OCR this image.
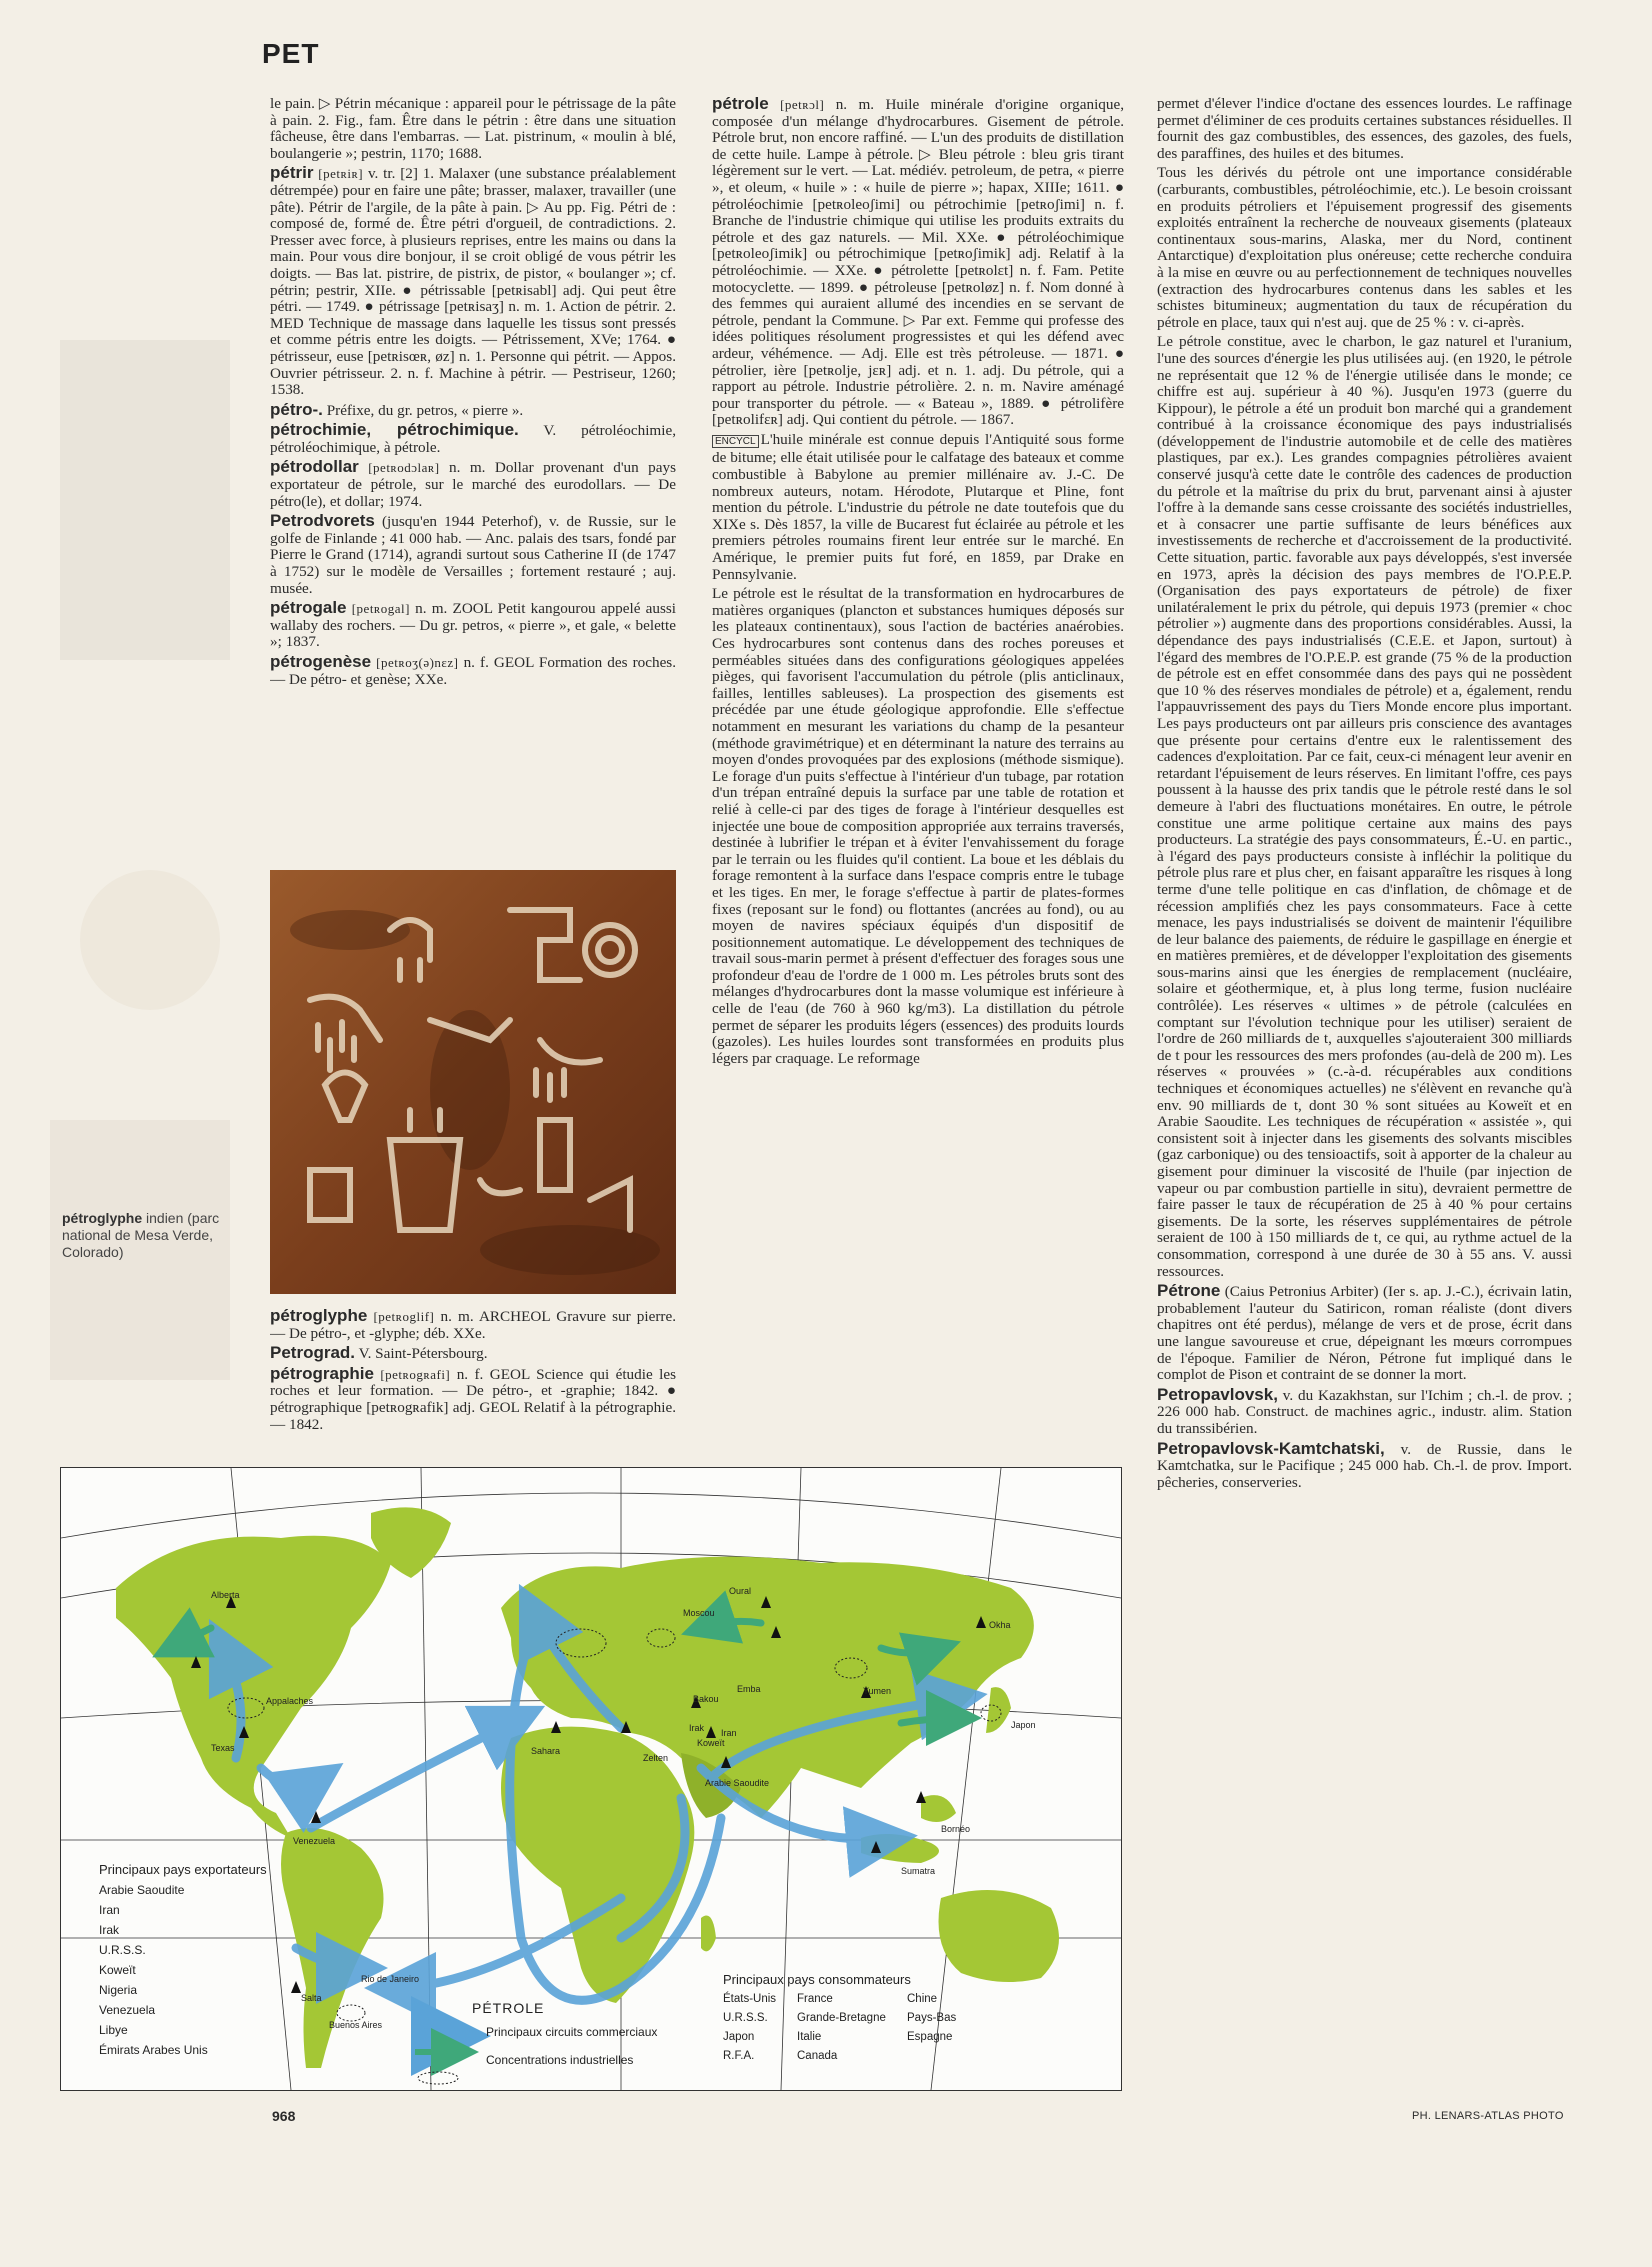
PET

le pain. ▷ Pétrin mécanique : appareil pour le pétrissage de la pâte à pain. 2. Fig., fam. Être dans le pétrin : être dans une situation fâcheuse, être dans l'embarras. — Lat. pistrinum, « moulin à blé, boulangerie »; pestrin, 1170; 1688.

pétrir [petʀiʀ] v. tr. [2] 1. Malaxer (une substance préalablement détrempée) pour en faire une pâte; brasser, malaxer, travailler (une pâte). Pétrir de l'argile, de la pâte à pain. ▷ Au pp. Fig. Pétri de : composé de, formé de. Être pétri d'orgueil, de contradictions. 2. Presser avec force, à plusieurs reprises, entre les mains ou dans la main. Pour vous dire bonjour, il se croit obligé de vous pétrir les doigts. — Bas lat. pistrire, de pistrix, de pistor, « boulanger »; cf. pétrin; pestrir, XIIe. ● pétrissable [petʀisabl] adj. Qui peut être pétri. — 1749. ● pétrissage [petʀisaʒ] n. m. 1. Action de pétrir. 2. MED Technique de massage dans laquelle les tissus sont pressés et comme pétris entre les doigts. — Pétrissement, XVe; 1764. ● pétrisseur, euse [petʀisœʀ, øz] n. 1. Personne qui pétrit. — Appos. Ouvrier pétrisseur. 2. n. f. Machine à pétrir. — Pestriseur, 1260; 1538.

pétro-. Préfixe, du gr. petros, « pierre ».

pétrochimie, pétrochimique. V. pétroléochimie, pétroléochimique, à pétrole.

pétrodollar [petʀodɔlaʀ] n. m. Dollar provenant d'un pays exportateur de pétrole, sur le marché des eurodollars. — De pétro(le), et dollar; 1974.

Petrodvorets (jusqu'en 1944 Peterhof), v. de Russie, sur le golfe de Finlande ; 41 000 hab. — Anc. palais des tsars, fondé par Pierre le Grand (1714), agrandi surtout sous Catherine II (de 1747 à 1752) sur le modèle de Versailles ; fortement restauré ; auj. musée.

pétrogale [petʀogal] n. m. ZOOL Petit kangourou appelé aussi wallaby des rochers. — Du gr. petros, « pierre », et gale, « belette »; 1837.

pétrogenèse [petʀoʒ(ə)nɛz] n. f. GEOL Formation des roches. — De pétro- et genèse; XXe.

pétroglyphe indien (parc national de Mesa Verde, Colorado)

pétroglyphe [petʀoglif] n. m. ARCHEOL Gravure sur pierre. — De pétro-, et -glyphe; déb. XXe.

Petrograd. V. Saint-Pétersbourg.

pétrographie [petʀogʀafi] n. f. GEOL Science qui étudie les roches et leur formation. — De pétro-, et -graphie; 1842. ● pétrographique [petʀogʀafik] adj. GEOL Relatif à la pétrographie. — 1842.

pétrole [petʀɔl] n. m. Huile minérale d'origine organique, composée d'un mélange d'hydrocarbures. Gisement de pétrole. Pétrole brut, non encore raffiné. — L'un des produits de distillation de cette huile. Lampe à pétrole. ▷ Bleu pétrole : bleu gris tirant légèrement sur le vert. — Lat. médiév. petroleum, de petra, « pierre », et oleum, « huile » : « huile de pierre »; hapax, XIIIe; 1611. ● pétroléochimie [petʀoleoʃimi] ou pétrochimie [petʀoʃimi] n. f. Branche de l'industrie chimique qui utilise les produits extraits du pétrole et des gaz naturels. — Mil. XXe. ● pétroléochimique [petʀoleoʃimik] ou pétrochimique [petʀoʃimik] adj. Relatif à la pétroléochimie. — XXe. ● pétrolette [petʀolɛt] n. f. Fam. Petite motocyclette. — 1899. ● pétroleuse [petʀoløz] n. f. Nom donné à des femmes qui auraient allumé des incendies en se servant de pétrole, pendant la Commune. ▷ Par ext. Femme qui professe des idées politiques résolument progressistes et qui les défend avec ardeur, véhémence. — Adj. Elle est très pétroleuse. — 1871. ● pétrolier, ière [petʀolje, jɛʀ] adj. et n. 1. adj. Du pétrole, qui a rapport au pétrole. Industrie pétrolière. 2. n. m. Navire aménagé pour transporter du pétrole. — « Bateau », 1889. ● pétrolifère [petʀolifɛʀ] adj. Qui contient du pétrole. — 1867.

ENCYCL L'huile minérale est connue depuis l'Antiquité sous forme de bitume; elle était utilisée pour le calfatage des bateaux et comme combustible à Babylone au premier millénaire av. J.-C. De nombreux auteurs, notam. Hérodote, Plutarque et Pline, font mention du pétrole. L'industrie du pétrole ne date toutefois que du XIXe s. Dès 1857, la ville de Bucarest fut éclairée au pétrole et les premiers pétroles roumains firent leur entrée sur le marché. En Amérique, le premier puits fut foré, en 1859, par Drake en Pennsylvanie.

Le pétrole est le résultat de la transformation en hydrocarbures de matières organiques (plancton et substances humiques déposés sur les plateaux continentaux), sous l'action de bactéries anaérobies. Ces hydrocarbures sont contenus dans des roches poreuses et perméables situées dans des configurations géologiques appelées pièges, qui favorisent l'accumulation du pétrole (plis anticlinaux, failles, lentilles sableuses). La prospection des gisements est précédée par une étude géologique approfondie. Elle s'effectue notamment en mesurant les variations du champ de la pesanteur (méthode gravimétrique) et en déterminant la nature des terrains au moyen d'ondes provoquées par des explosions (méthode sismique). Le forage d'un puits s'effectue à l'intérieur d'un tubage, par rotation d'un trépan entraîné depuis la surface par une table de rotation et relié à celle-ci par des tiges de forage à l'intérieur desquelles est injectée une boue de composition appropriée aux terrains traversés, destinée à lubrifier le trépan et à éviter l'envahissement du forage par le terrain ou les fluides qu'il contient. La boue et les déblais du forage remontent à la surface dans l'espace compris entre le tubage et les tiges. En mer, le forage s'effectue à partir de plates-formes fixes (reposant sur le fond) ou flottantes (ancrées au fond), ou au moyen de navires spéciaux équipés d'un dispositif de positionnement automatique. Le développement des techniques de travail sous-marin permet à présent d'effectuer des forages sous une profondeur d'eau de l'ordre de 1 000 m. Les pétroles bruts sont des mélanges d'hydrocarbures dont la masse volumique est inférieure à celle de l'eau (de 760 à 960 kg/m3). La distillation du pétrole permet de séparer les produits légers (essences) des produits lourds (gazoles). Les huiles lourdes sont transformées en produits plus légers par craquage. Le reformage

permet d'élever l'indice d'octane des essences lourdes. Le raffinage permet d'éliminer de ces produits certaines substances résiduelles. Il fournit des gaz combustibles, des essences, des gazoles, des fuels, des paraffines, des huiles et des bitumes.

Tous les dérivés du pétrole ont une importance considérable (carburants, combustibles, pétroléochimie, etc.). Le besoin croissant en produits pétroliers et l'épuisement progressif des gisements exploités entraînent la recherche de nouveaux gisements (plateaux continentaux sous-marins, Alaska, mer du Nord, continent Antarctique) d'exploitation plus onéreuse; cette recherche conduira à la mise en œuvre ou au perfectionnement de techniques nouvelles (extraction des hydrocarbures contenus dans les sables et les schistes bitumineux; augmentation du taux de récupération du pétrole en place, taux qui n'est auj. que de 25 % : v. ci-après.

Le pétrole constitue, avec le charbon, le gaz naturel et l'uranium, l'une des sources d'énergie les plus utilisées auj. (en 1920, le pétrole ne représentait que 12 % de l'énergie utilisée dans le monde; ce chiffre est auj. supérieur à 40 %). Jusqu'en 1973 (guerre du Kippour), le pétrole a été un produit bon marché qui a grandement contribué à la croissance économique des pays industrialisés (développement de l'industrie automobile et de celle des matières plastiques, par ex.). Les grandes compagnies pétrolières avaient conservé jusqu'à cette date le contrôle des cadences de production du pétrole et la maîtrise du prix du brut, parvenant ainsi à ajuster l'offre à la demande sans cesse croissante des sociétés industrielles, et à consacrer une partie suffisante de leurs bénéfices aux investissements de recherche et d'accroissement de la productivité. Cette situation, partic. favorable aux pays développés, s'est inversée en 1973, après la décision des pays membres de l'O.P.E.P. (Organisation des pays exportateurs de pétrole) de fixer unilatéralement le prix du pétrole, qui depuis 1973 (premier « choc pétrolier ») augmente dans des proportions considérables. Aussi, la dépendance des pays industrialisés (C.E.E. et Japon, surtout) à l'égard des membres de l'O.P.E.P. est grande (75 % de la production de pétrole est en effet consommée dans des pays qui ne possèdent que 10 % des réserves mondiales de pétrole) et a, également, rendu l'appauvrissement des pays du Tiers Monde encore plus important. Les pays producteurs ont par ailleurs pris conscience des avantages que présente pour certains d'entre eux le ralentissement des cadences d'exploitation. Par ce fait, ceux-ci ménagent leur avenir en retardant l'épuisement de leurs réserves. En limitant l'offre, ces pays poussent à la hausse des prix tandis que le pétrole resté dans le sol demeure à l'abri des fluctuations monétaires. En outre, le pétrole constitue une arme politique certaine aux mains des pays producteurs. La stratégie des pays consommateurs, É.-U. en partic., à l'égard des pays producteurs consiste à infléchir la politique du pétrole plus rare et plus cher, en faisant apparaître les risques à long terme d'une telle politique en cas d'inflation, de chômage et de récession amplifiés chez les pays consommateurs. Face à cette menace, les pays industrialisés se doivent de maintenir l'équilibre de leur balance des paiements, de réduire le gaspillage en énergie et en matières premières, et de développer l'exploitation des gisements sous-marins ainsi que les énergies de remplacement (nucléaire, solaire et géothermique, et, à plus long terme, fusion nucléaire contrôlée). Les réserves « ultimes » de pétrole (calculées en comptant sur l'évolution technique pour les utiliser) seraient de l'ordre de 260 milliards de t, auxquelles s'ajouteraient 300 milliards de t pour les ressources des mers profondes (au-delà de 200 m). Les réserves « prouvées » (c.-à-d. récupérables aux conditions techniques et économiques actuelles) ne s'élèvent en revanche qu'à env. 90 milliards de t, dont 30 % sont situées au Koweït et en Arabie Saoudite. Les techniques de récupération « assistée », qui consistent soit à injecter dans les gisements des solvants miscibles (gaz carbonique) ou des tensioactifs, soit à apporter de la chaleur au gisement pour diminuer la viscosité de l'huile (par injection de vapeur ou par combustion partielle in situ), devraient permettre de faire passer le taux de récupération de 25 à 40 % pour certains gisements. De la sorte, les réserves supplémentaires de pétrole seraient de 100 à 150 milliards de t, ce qui, au rythme actuel de la consommation, correspond à une durée de 30 à 55 ans. V. aussi ressources.

Pétrone (Caius Petronius Arbiter) (Ier s. ap. J.-C.), écrivain latin, probablement l'auteur du Satiricon, roman réaliste (dont divers chapitres ont été perdus), mélange de vers et de prose, écrit dans une langue savoureuse et crue, dépeignant les mœurs corrompues de l'époque. Familier de Néron, Pétrone fut impliqué dans le complot de Pison et contraint de se donner la mort.

Petropavlovsk, v. du Kazakhstan, sur l'Ichim ; ch.-l. de prov. ; 226 000 hab. Construct. de machines agric., industr. alim. Station du transsibérien.

Petropavlovsk-Kamtchatski, v. de Russie, dans le Kamtchatka, sur le Pacifique ; 245 000 hab. Ch.-l. de prov. Import. pêcheries, conserveries.

Alberta
Appalaches
Texas
Venezuela
Salta
Rio de Janeiro
Buenos Aires
Sahara
Zelten
Moscou
Oural
Bakou
Emba
Irak Iran
Koweït
Arabie Saoudite
Yumen
Okha
Japon
Bornéo
Sumatra
Principaux pays exportateurs
Arabie Saoudite
Iran
Irak
U.R.S.S.
Koweït
Nigeria
Venezuela
Libye
Émirats Arabes Unis
PÉTROLE
Principaux circuits commerciaux
Concentrations industrielles
Principaux pays consommateurs
États-Unis	France	Chine
U.R.S.S.	Grande-Bretagne	Pays-Bas
Japon	Italie	Espagne
R.F.A.	Canada
968	PH. LENARS-ATLAS PHOTO
